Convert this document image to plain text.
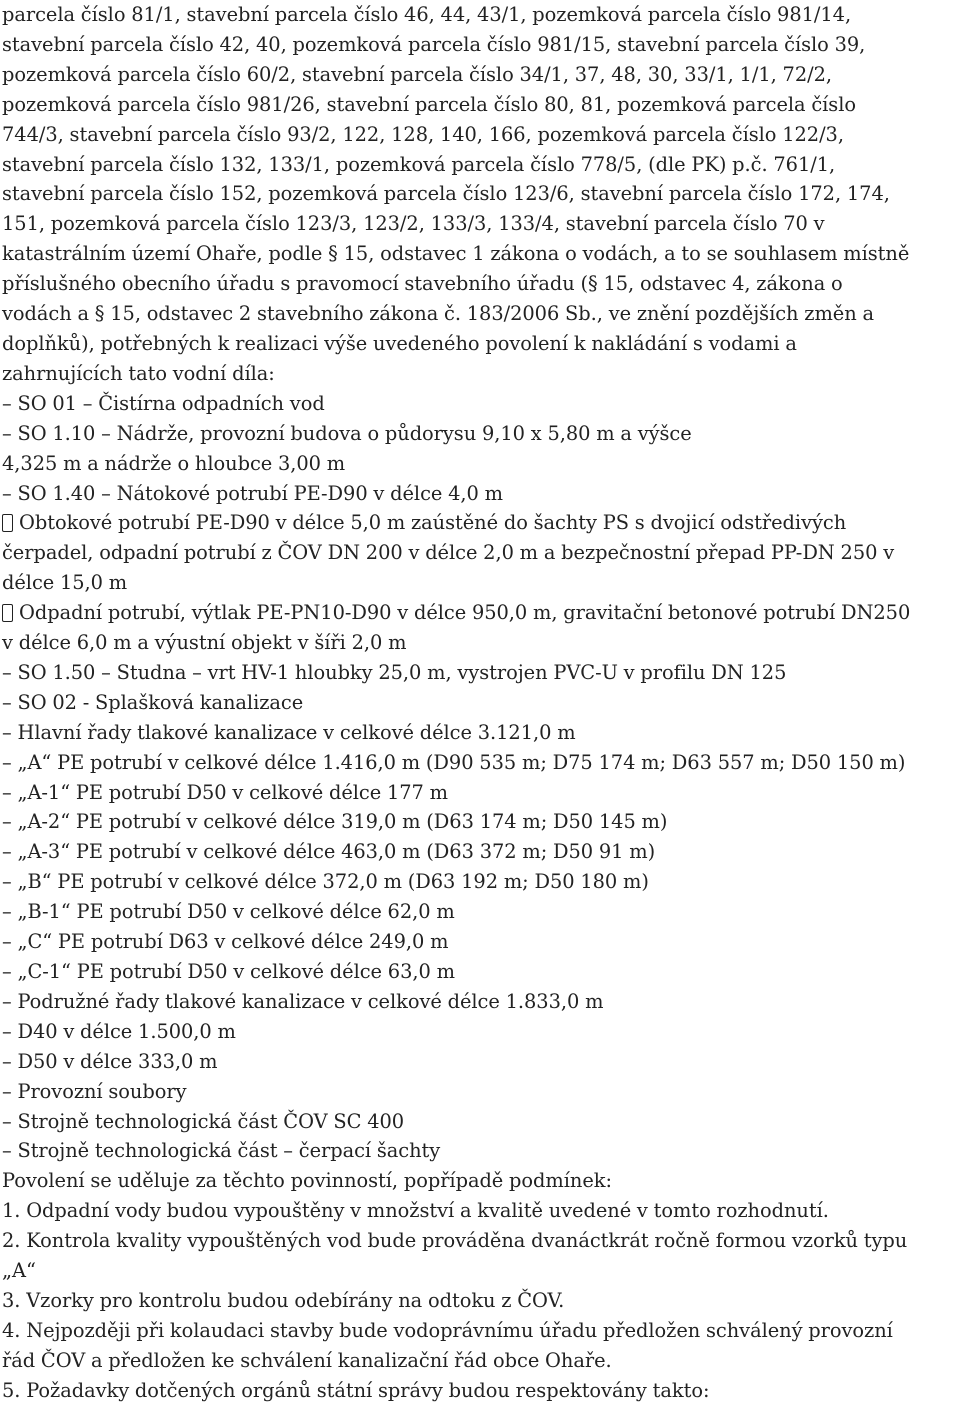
parcela číslo 81/1, stavební parcela číslo 46, 44, 43/1, pozemková parcela číslo 981/14,
stavební parcela číslo 42, 40, pozemková parcela číslo 981/15, stavební parcela číslo 39,
pozemková parcela číslo 60/2, stavební parcela číslo 34/1, 37, 48, 30, 33/1, 1/1, 72/2,
pozemková parcela číslo 981/26, stavební parcela číslo 80, 81, pozemková parcela číslo
744/3, stavební parcela číslo 93/2, 122, 128, 140, 166, pozemková parcela číslo 122/3,
stavební parcela číslo 132, 133/1, pozemková parcela číslo 778/5, (dle PK) p.č. 761/1,
stavební parcela číslo 152, pozemková parcela číslo 123/6, stavební parcela číslo 172, 174,
151, pozemková parcela číslo 123/3, 123/2, 133/3, 133/4, stavební parcela číslo 70 v
katastrálním území Ohaře, podle § 15, odstavec 1 zákona o vodách, a to se souhlasem místně
příslušného obecního úřadu s pravomocí stavebního úřadu (§ 15, odstavec 4, zákona o
vodách a § 15, odstavec 2 stavebního zákona č. 183/2006 Sb., ve znění pozdějších změn a
doplňků), potřebných k realizaci výše uvedeného povolení k nakládání s vodami a
zahrnujících tato vodní díla:
– SO 01 – Čistírna odpadních vod
– SO 1.10 – Nádrže, provozní budova o půdorysu 9,10 x 5,80 m a výšce
4,325 m a nádrže o hloubce 3,00 m
– SO 1.40 – Nátokové potrubí PE-D90 v délce 4,0 m
Obtokové potrubí PE-D90 v délce 5,0 m zaústěné do šachty PS s dvojicí odstředivých
čerpadel, odpadní potrubí z ČOV DN 200 v délce 2,0 m a bezpečnostní přepad PP-DN 250 v
délce 15,0 m
Odpadní potrubí, výtlak PE-PN10-D90 v délce 950,0 m, gravitační betonové potrubí DN250
v délce 6,0 m a výustní objekt v šíři 2,0 m
– SO 1.50 – Studna – vrt HV-1 hloubky 25,0 m, vystrojen PVC-U v profilu DN 125
– SO 02 - Splašková kanalizace
– Hlavní řady tlakové kanalizace v celkové délce 3.121,0 m
– „A“ PE potrubí v celkové délce 1.416,0 m (D90 535 m; D75 174 m; D63 557 m; D50 150 m)
– „A-1“ PE potrubí D50 v celkové délce 177 m
– „A-2“ PE potrubí v celkové délce 319,0 m (D63 174 m; D50 145 m)
– „A-3“ PE potrubí v celkové délce 463,0 m (D63 372 m; D50 91 m)
– „B“ PE potrubí v celkové délce 372,0 m (D63 192 m; D50 180 m)
– „B-1“ PE potrubí D50 v celkové délce 62,0 m
– „C“ PE potrubí D63 v celkové délce 249,0 m
– „C-1“ PE potrubí D50 v celkové délce 63,0 m
– Podružné řady tlakové kanalizace v celkové délce 1.833,0 m
– D40 v délce 1.500,0 m
– D50 v délce 333,0 m
– Provozní soubory
– Strojně technologická část ČOV SC 400
– Strojně technologická část – čerpací šachty
Povolení se uděluje za těchto povinností, popřípadě podmínek:
1. Odpadní vody budou vypouštěny v množství a kvalitě uvedené v tomto rozhodnutí.
2. Kontrola kvality vypouštěných vod bude prováděna dvanáctkrát ročně formou vzorků typu
„A“
3. Vzorky pro kontrolu budou odebírány na odtoku z ČOV.
4. Nejpozději při kolaudaci stavby bude vodoprávnímu úřadu předložen schválený provozní
řád ČOV a předložen ke schválení kanalizační řád obce Ohaře.
5. Požadavky dotčených orgánů státní správy budou respektovány takto:
